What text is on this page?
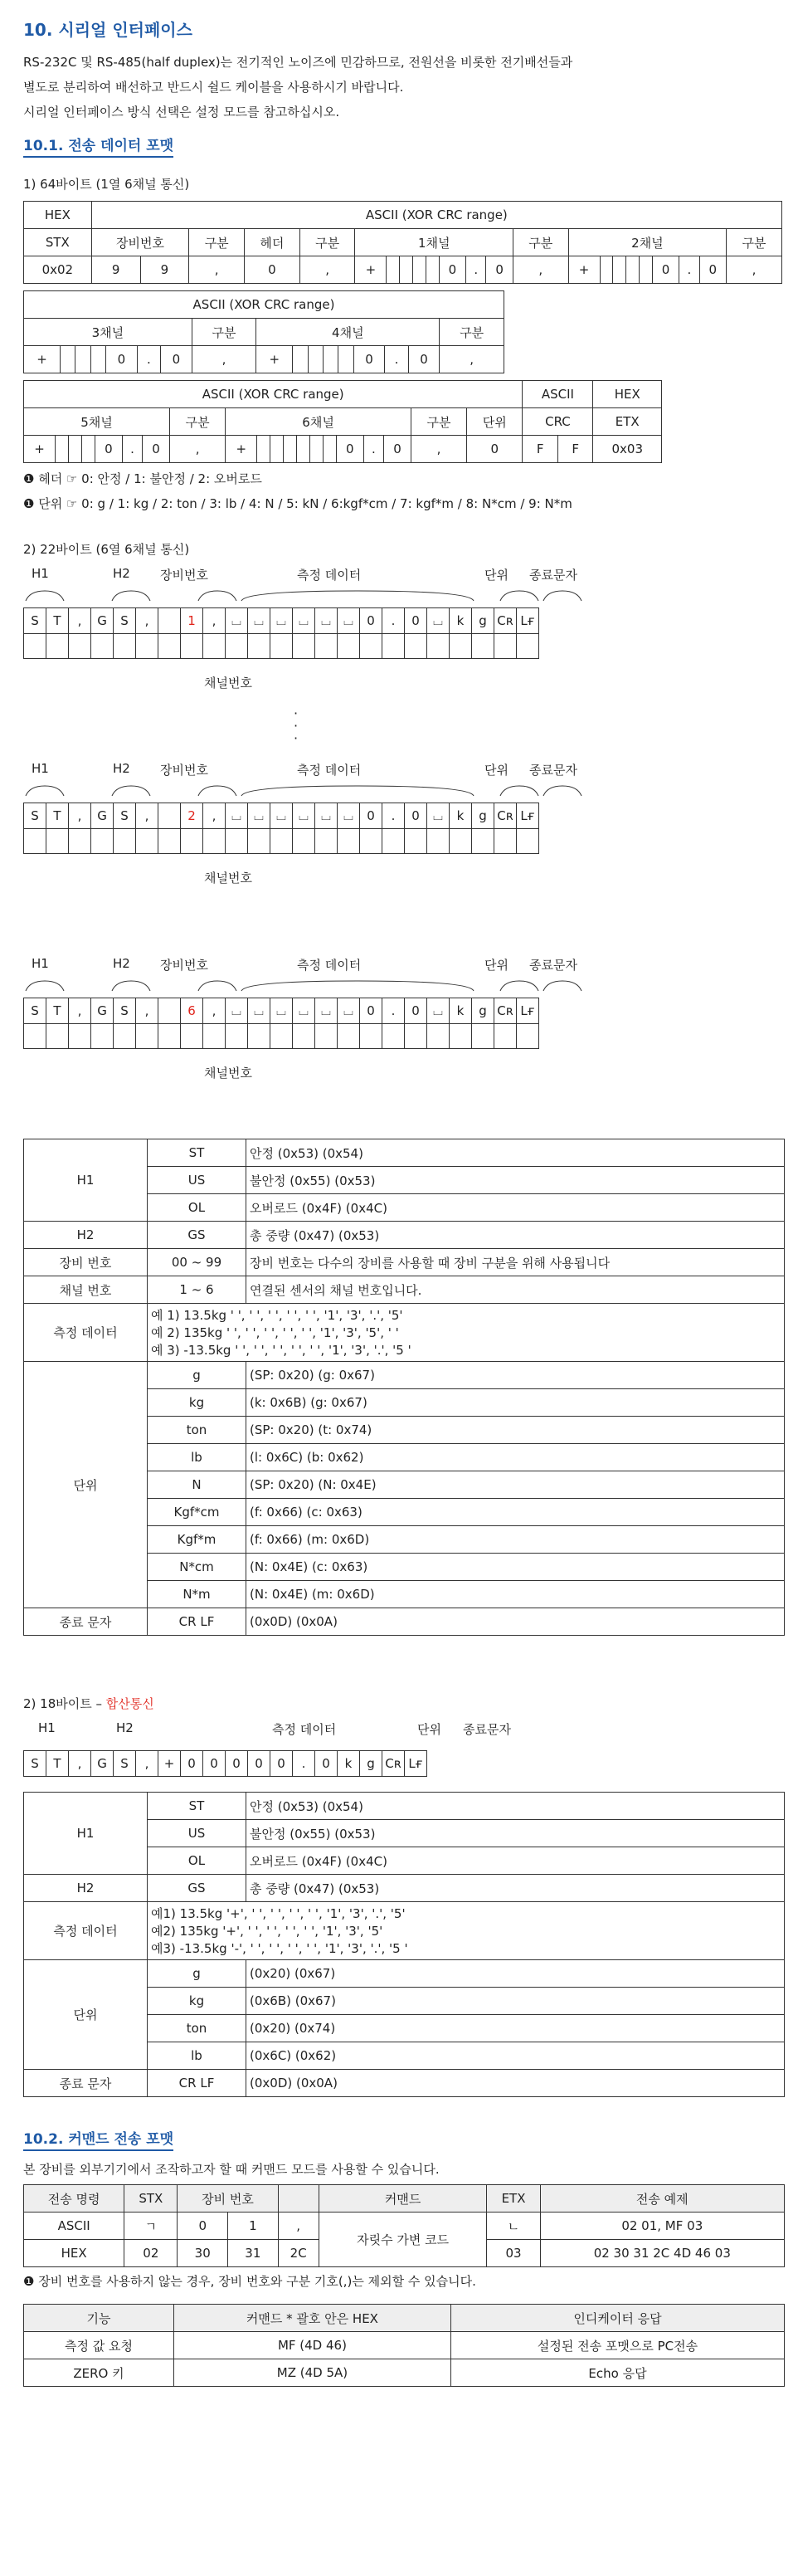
10. 시리얼 인터페이스

RS-232C 및 RS-485(half duplex)는 전기적인 노이즈에 민감하므로, 전원선을 비롯한 전기배선들과

별도로 분리하여 배선하고 반드시 쉴드 케이블을 사용하시기 바랍니다.

시리얼 인터페이스 방식 선택은 설정 모드를 참고하십시오.

10.1. 전송 데이터 포맷

1) 64바이트 (1열 6채널 통신)

HEX	ASCII (XOR CRC range)																						
STX	장비번호		구분	헤더	구분	1채널								구분	2채널								구분
0x02	9	9	,	0	,	+					0	.	0	,	+					0	.	0	,
ASCII (XOR CRC range)																
3채널							구분	4채널								구분
+				0	.	0	,	+					0	.	0	,
ASCII (XOR CRC range)																				ASCII		HEX
5채널							구분	6채널										구분	단위	CRC		ETX
+				0	.	0	,	+							0	.	0	,	0	F	F	0x03
❶ 헤더 ☞ 0: 안정 / 1: 불안정 / 2: 오버로드
❶ 단위 ☞ 0: g / 1: kg / 2: ton / 3: lb / 4: N / 5: kN / 6:kgf*cm / 7: kgf*m / 8: N*cm / 9: N*m

2) 22바이트 (6열 6채널 통신)

H1	H2 장비번호	측정 데이터	단위 종료문자
S	T	,	G	S	,	1	,	⌴ ⌴ ⌴ ⌴ ⌴ ⌴	0	.	0	⌴	k	g Cʀ Lғ
채널번호
H1	H2 장비번호	측정 데이터	단위 종료문자
S	T	,	G	S	,	2	,	⌴ ⌴ ⌴ ⌴ ⌴ ⌴	0	.	0	⌴	k	g Cʀ Lғ
채널번호
H1	H2 장비번호	측정 데이터	단위 종료문자
S	T	,	G	S	,	6	,	⌴ ⌴ ⌴ ⌴ ⌴ ⌴	0	.	0	⌴	k	g Cʀ Lғ
채널번호
·
·
·
H1	ST	안정 (0x53) (0x54)
	US	불안정 (0x55) (0x53)
	OL	오버로드 (0x4F) (0x4C)
H2	GS	총 중량 (0x47) (0x53)
장비 번호	00 ~ 99	장비 번호는 다수의 장비를 사용할 때 장비 구분을 위해 사용됩니다
채널 번호	1 ~ 6	연결된 센서의 채널 번호입니다.
측정 데이터	예 1) 13.5kg ' ', ' ', ' ', ' ', ' ', '1', '3', '.', '5'
예 2) 135kg ' ', ' ', ' ', ' ', ' ', '1', '3', '5', ' '
예 3) -13.5kg ' ', ' ', ' ', ' ', ' ', '1', '3', '.', '5 '	

단위	g	(SP: 0x20) (g: 0x67)
	kg	(k: 0x6B) (g: 0x67)
	ton	(SP: 0x20) (t: 0x74)
	lb	(l: 0x6C) (b: 0x62)
	N	(SP: 0x20) (N: 0x4E)
	Kgf*cm	(f: 0x66) (c: 0x63)
	Kgf*m	(f: 0x66) (m: 0x6D)
	N*cm	(N: 0x4E) (c: 0x63)
	N*m	(N: 0x4E) (m: 0x6D)
종료 문자	CR LF	(0x0D) (0x0A)

2) 18바이트 – 합산통신

H1	H2	측정 데이터	단위 종료문자
S	T	,	G	S	,	+	0	0	0	0	0	.	0	k	g Cʀ Lғ
H1	ST	안정 (0x53) (0x54)
	US	불안정 (0x55) (0x53)
	OL	오버로드 (0x4F) (0x4C)
H2	GS	총 중량 (0x47) (0x53)
측정 데이터	예1) 13.5kg '+', ' ', ' ', ' ', ' ', '1', '3', '.', '5'
예2) 135kg '+', ' ', ' ', ' ', ' ', '1', '3', '5'
예3) -13.5kg '-', ' ', ' ', ' ', ' ', '1', '3', '.', '5 '	

단위	g	(0x20) (0x67)
	kg	(0x6B) (0x67)
	ton	(0x20) (0x74)
	lb	(0x6C) (0x62)
종료 문자	CR LF	(0x0D) (0x0A)
10.2. 커맨드 전송 포맷

본 장비를 외부기기에서 조작하고자 할 때 커맨드 모드를 사용할 수 있습니다.

전송 명령	STX	장비 번호			커맨드	ETX	전송 예제
ASCII	ㄱ	0	1	,	자릿수 가변 코드	ㄴ	02 01, MF 03
HEX	02	30	31	2C		03	02 30 31 2C 4D 46 03
❶ 장비 번호를 사용하지 않는 경우, 장비 번호와 구분 기호(,)는 제외할 수 있습니다.
기능	커맨드 * 괄호 안은 HEX	인디케이터 응답
측정 값 요청	MF (4D 46)	설정된 전송 포맷으로 PC전송
ZERO 키	MZ (4D 5A)	Echo 응답
